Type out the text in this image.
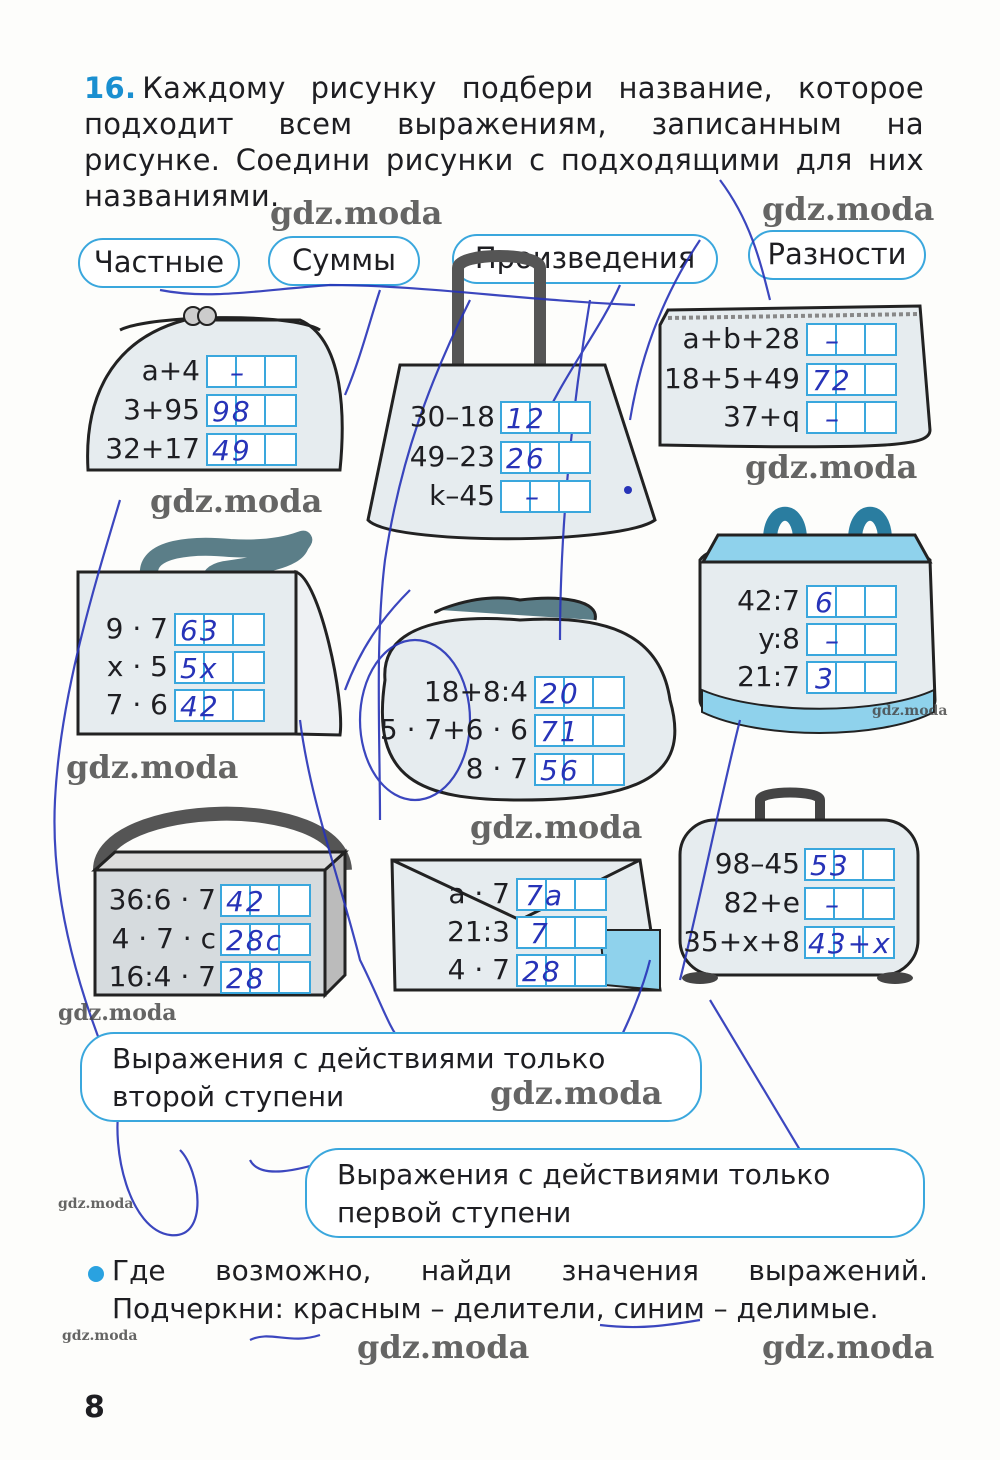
16. Каждому рисунку подбери название, которое подходит всем выражениям, записанным на рисунке. Соедини рисунки с подходящими для них названиями.
Частные	Суммы	Произведения	Разности
a+4 –
3+95 98
32+17 49
30–18 12
49–23 26
k–45 –
a+b+28 –
18+5+49 72
37+q –
9 · 7 63
x · 5 5x
7 · 6 42	18+8:4 20
5 · 7+6 · 6 71
8 · 7 56
42:7 6
y:8 –
21:7 3
36:6 · 7 42
4 · 7 · c 28c
16:4 · 7 28
a · 7 7a
21:3 7
4 · 7 28
98–45 53
82+e –
35+x+8 43+x
Выражения с действиями только второй ступени
Выражения с действиями только первой ступени
Где возможно, найди значения выражений. Подчеркни: красным – делители, синим – делимые.
8
gdz.moda	gdz.moda
gdz.moda
gdz.moda
gdz.moda
gdz.moda
gdz.moda
gdz.moda
gdz.moda
gdz.moda
gdz.moda	gdz.moda	gdz.moda
